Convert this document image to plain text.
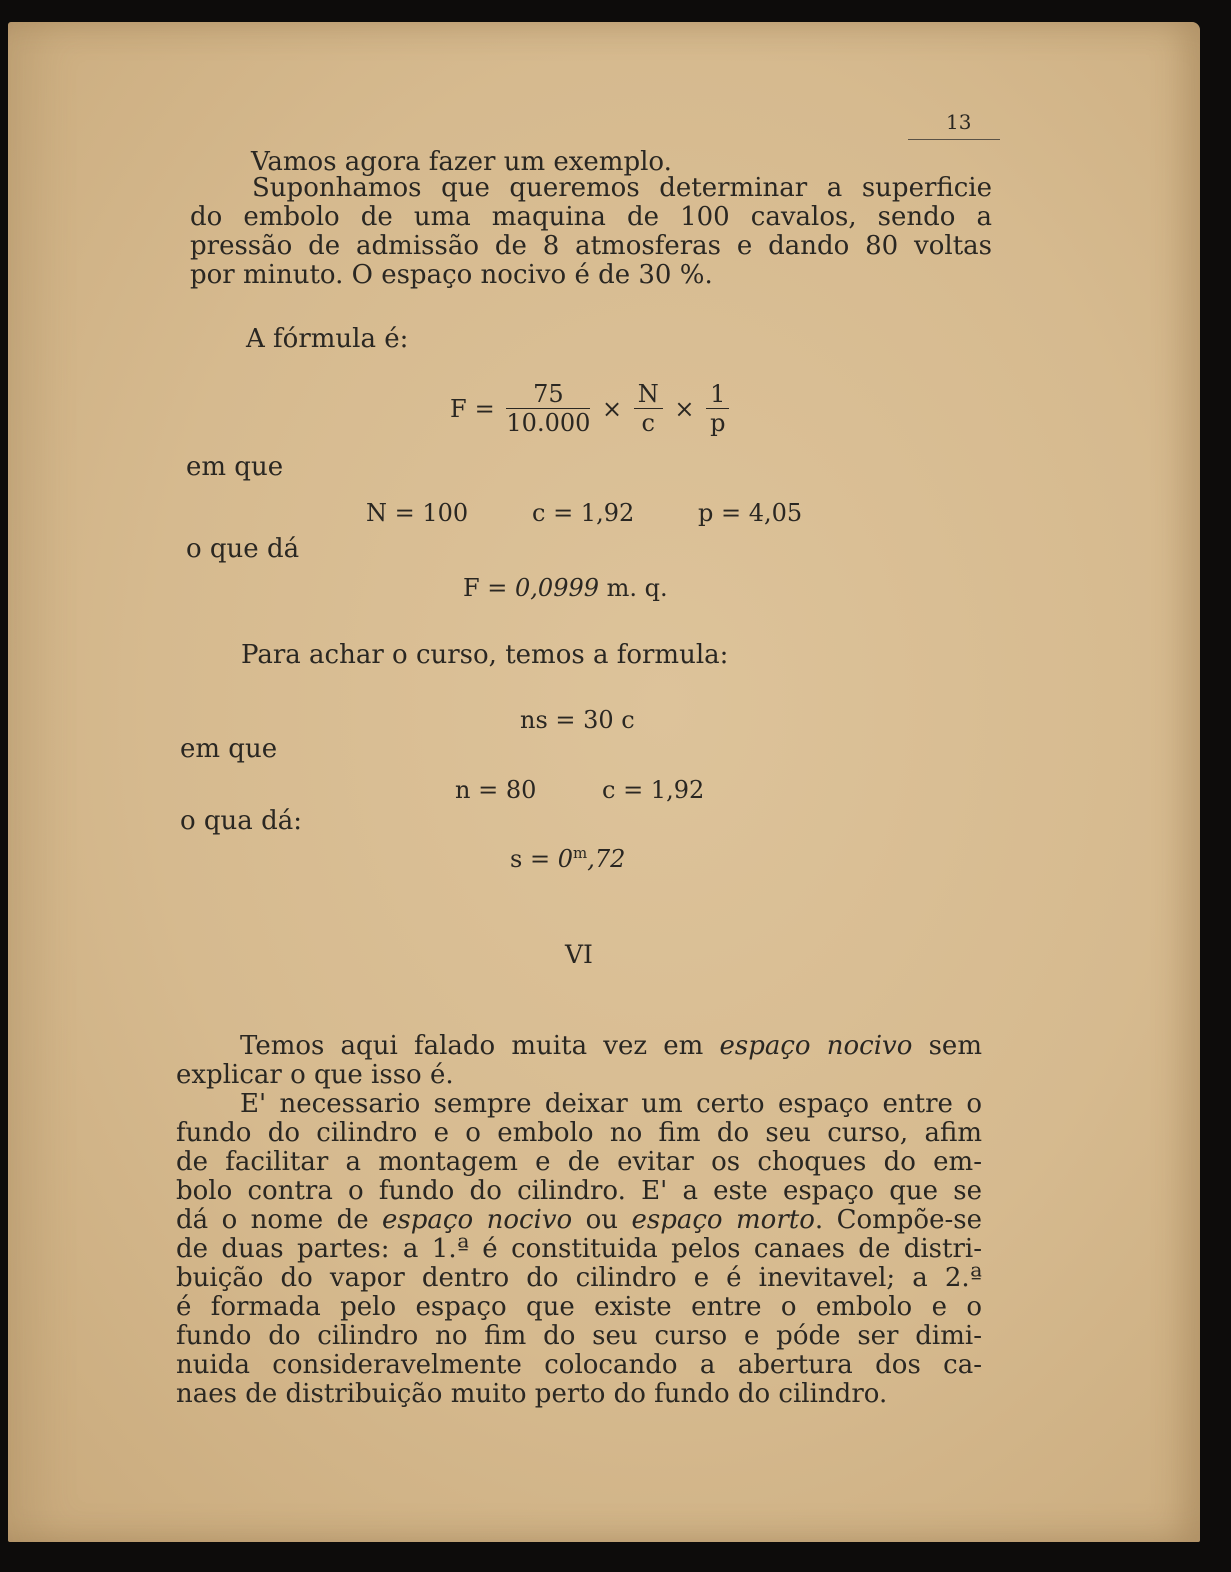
13
Vamos agora fazer um exemplo.
Suponhamos que queremos determinar a superficie
do embolo de uma maquina de 100 cavalos, sendo a
pressão de admissão de 8 atmosferas e dando 80 voltas
por minuto. O espaço nocivo é de 30 %.
A fórmula é:
$F = \frac{75}{10.000} \times \frac{N}{c} \times \frac{1}{p}$
em que
N = 100	c = 1,92	p = 4,05
o que dá
F = 0,0999 m. q.
Para achar o curso, temos a formula:
ns = 30 c
em que
n = 80	c = 1,92
o qua dá:
$s = 0^m,72$
VI
Temos aqui falado muita vez em espaço nocivo sem
explicar o que isso é.
E' necessario sempre deixar um certo espaço entre o
fundo do cilindro e o embolo no fim do seu curso, afim
de facilitar a montagem e de evitar os choques do em-
bolo contra o fundo do cilindro. E' a este espaço que se
dá o nome de espaço nocivo ou espaço morto. Compõe-se
de duas partes: a 1.ª é constituida pelos canaes de distri-
buição do vapor dentro do cilindro e é inevitavel; a 2.ª
é formada pelo espaço que existe entre o embolo e o
fundo do cilindro no fim do seu curso e póde ser dimi-
nuida consideravelmente colocando a abertura dos ca-
naes de distribuição muito perto do fundo do cilindro.
